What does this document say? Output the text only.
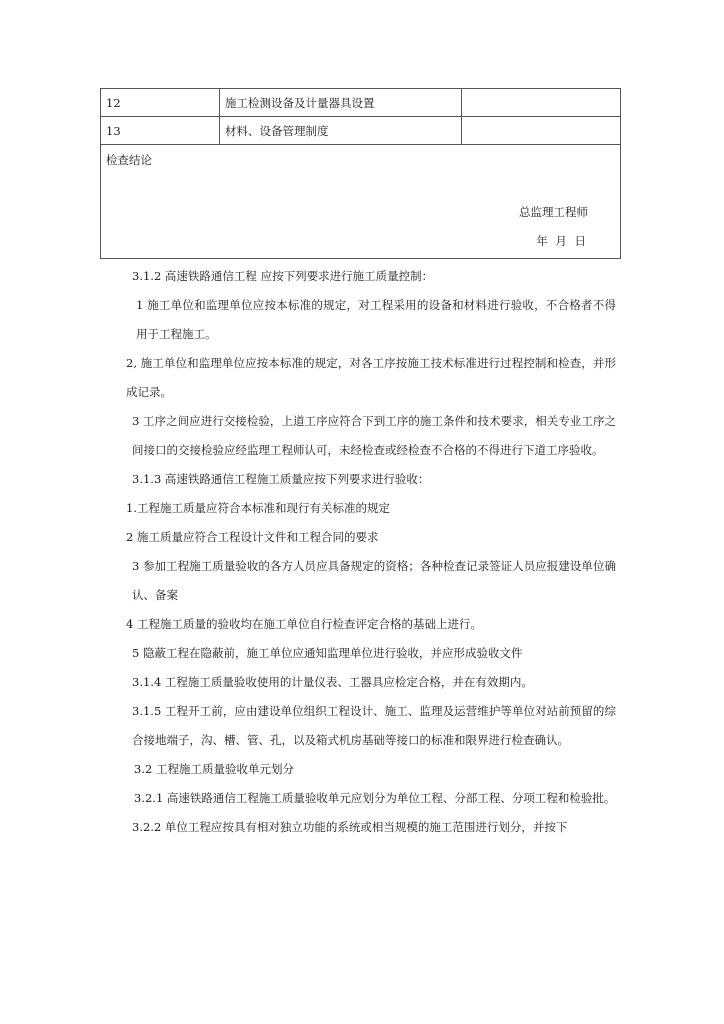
12	施工检测设备及计量器具设置
13	材料、设备管理制度
检查结论
总监理工程师
年 月 日

3.1.2 高速铁路通信工程 应按下列要求进行施工质量控制：

1 施工单位和监理单位应按本标准的规定，对工程采用的设备和材料进行验收，不合格者不得用于工程施工。

2, 施工单位和监理单位应按本标准的规定，对各工序按施工技术标准进行过程控制和检查，并形成记录。

3 工序之间应进行交接检验，上道工序应符合下到工序的施工条件和技术要求，相关专业工序之间接口的交接检验应经监理工程师认可，未经检查或经检查不合格的不得进行下道工序验收。

3.1.3 高速铁路通信工程施工质量应按下列要求进行验收：

1.工程施工质量应符合本标准和现行有关标准的规定

2 施工质量应符合工程设计文件和工程合同的要求

3 参加工程施工质量验收的各方人员应具备规定的资格；各种检查记录签证人员应报建设单位确认、备案

4 工程施工质量的验收均在施工单位自行检查评定合格的基础上进行。

5 隐蔽工程在隐蔽前，施工单位应通知监理单位进行验收，并应形成验收文件

3.1.4 工程施工质量验收使用的计量仪表、工器具应检定合格，并在有效期内。

3.1.5 工程开工前，应由建设单位组织工程设计、施工、监理及运营维护等单位对站前预留的综合接地端子，沟、槽、管、孔，以及箱式机房基础等接口的标准和限界进行检查确认。

3.2 工程施工质量验收单元划分

3.2.1 高速铁路通信工程施工质量验收单元应划分为单位工程、分部工程、分项工程和检验批。

3.2.2 单位工程应按具有相对独立功能的系统或相当规模的施工范围进行划分，并按下
